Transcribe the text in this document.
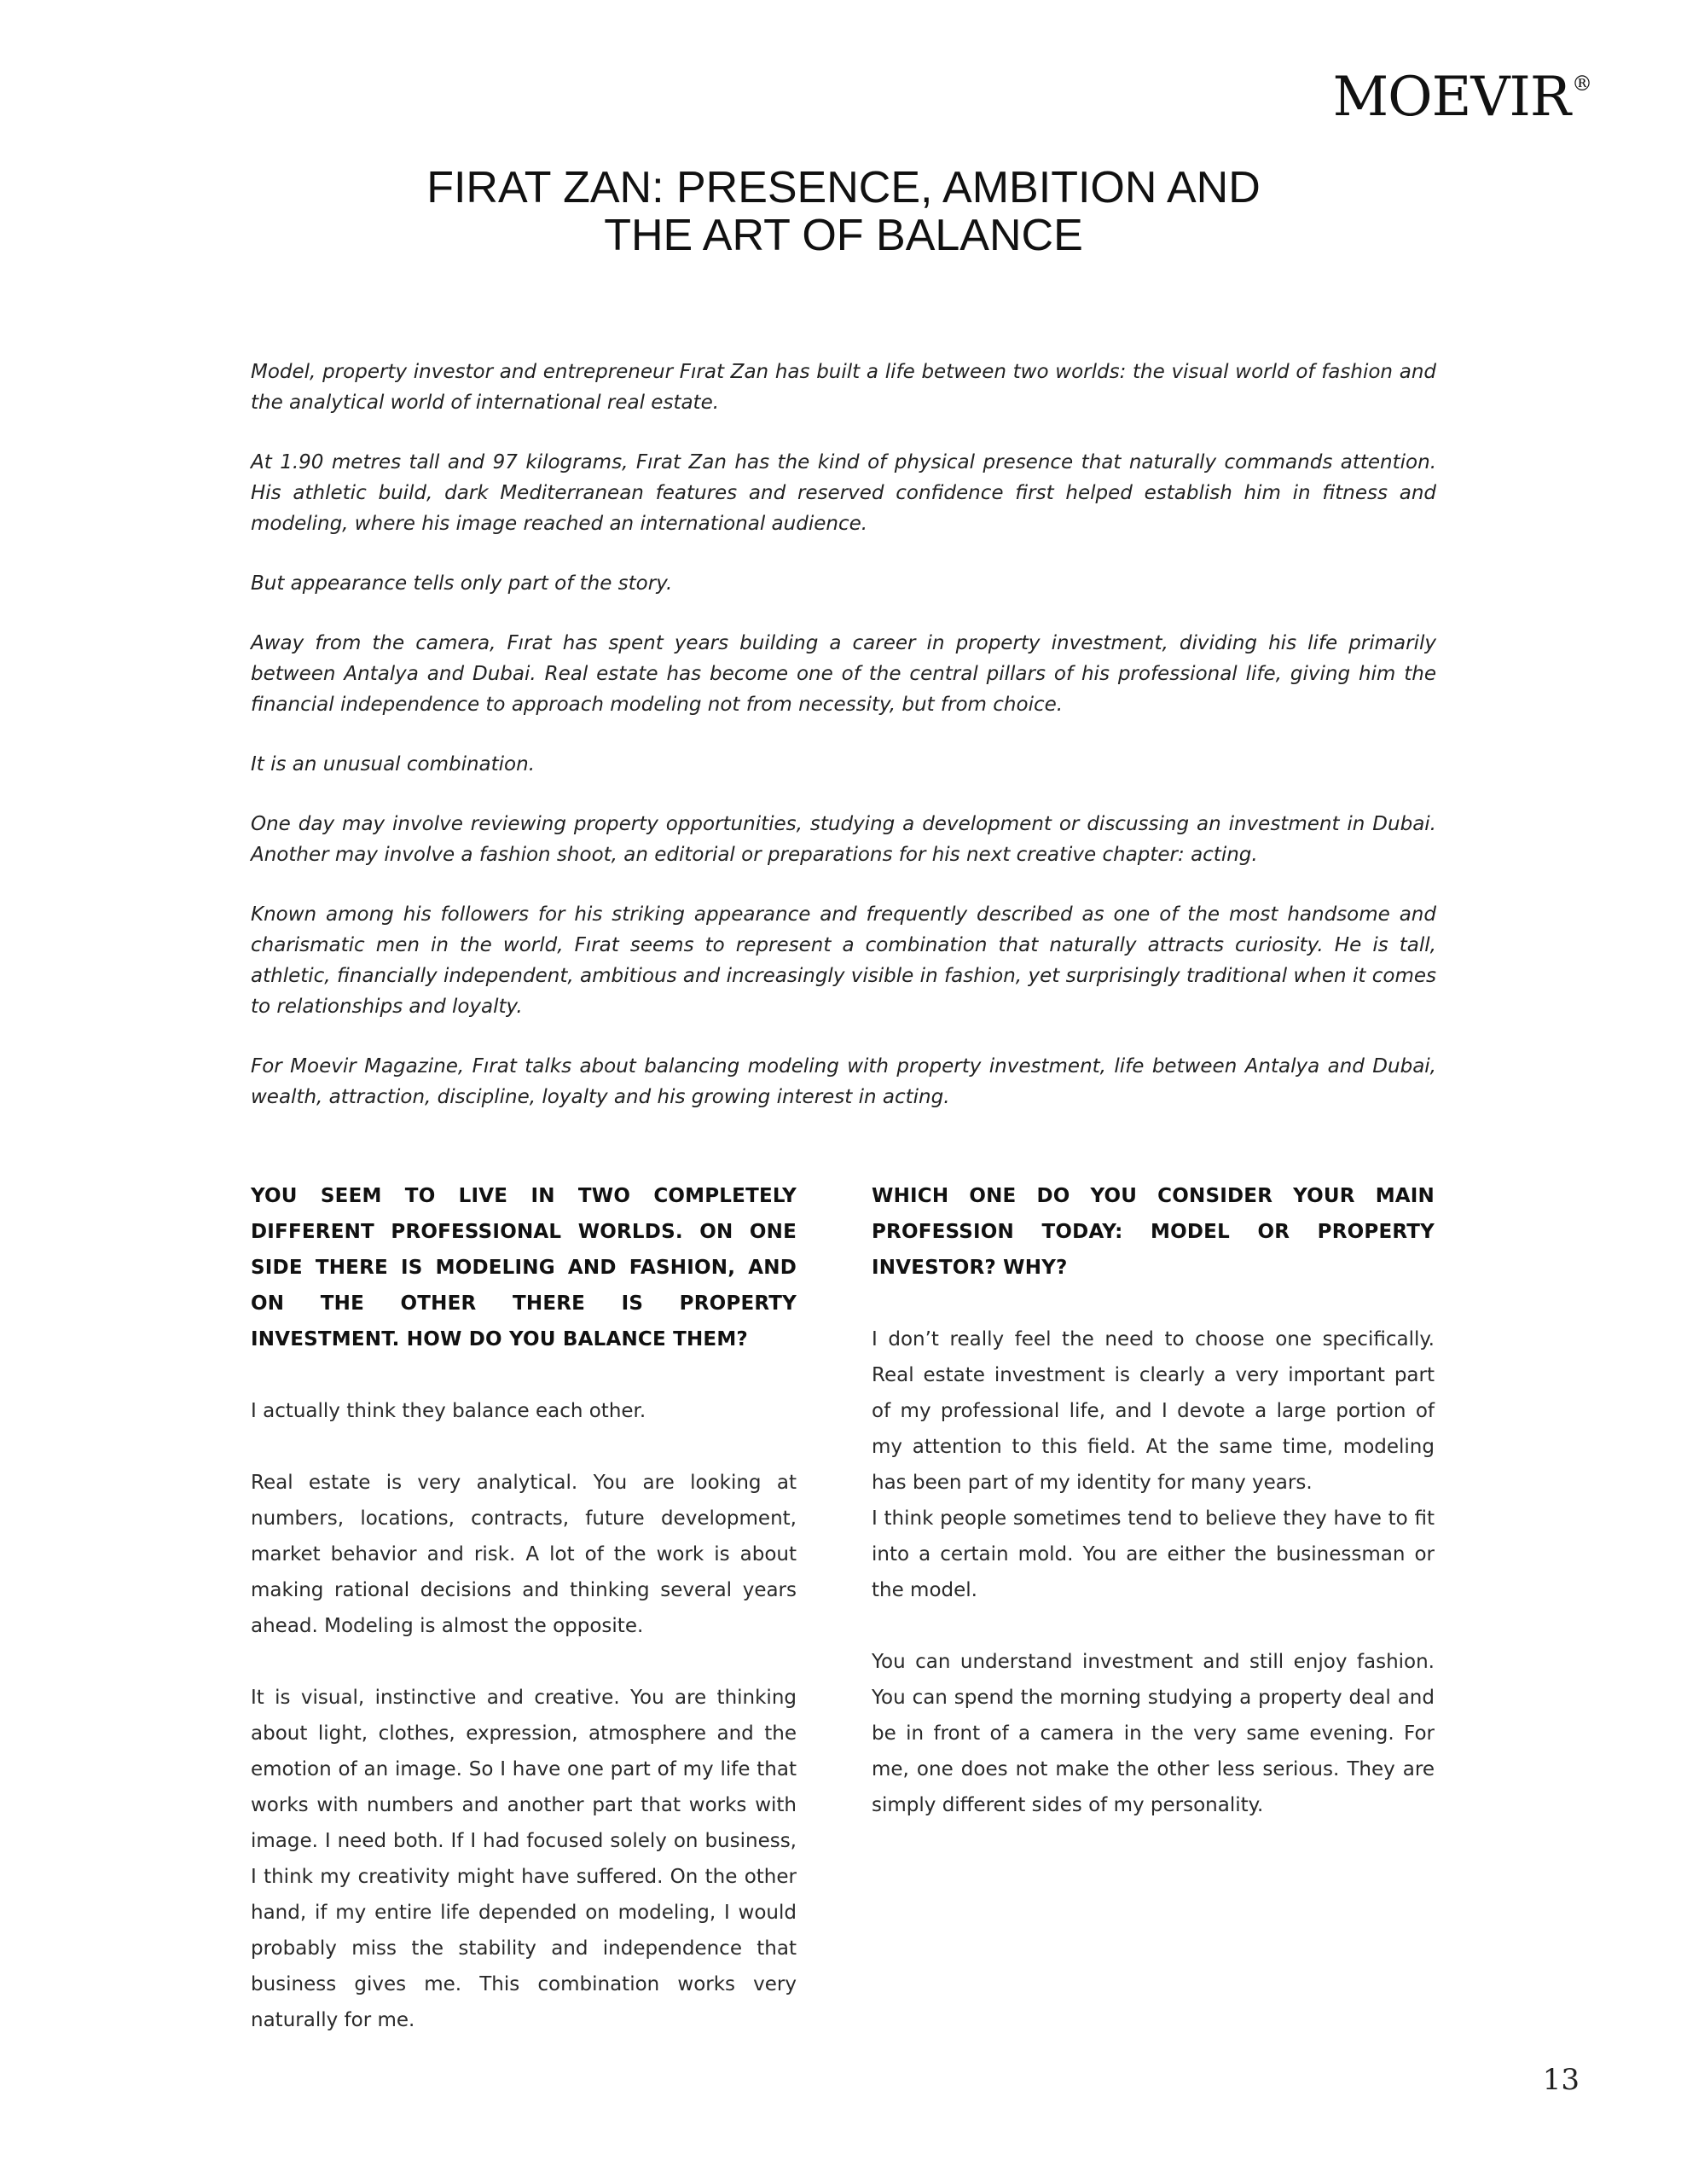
MOEVIR®
FIRAT ZAN: PRESENCE, AMBITION AND
THE ART OF BALANCE

Model, property investor and entrepreneur Fırat Zan has built a life between two worlds: the visual world of fashion and the analytical world of international real estate.

At 1.90 metres tall and 97 kilograms, Fırat Zan has the kind of physical presence that naturally commands attention. His athletic build, dark Mediterranean features and reserved confidence first helped establish him in fitness and modeling, where his image reached an international audience.

But appearance tells only part of the story.

Away from the camera, Fırat has spent years building a career in property investment, dividing his life primarily between Antalya and Dubai. Real estate has become one of the central pillars of his professional life, giving him the financial independence to approach modeling not from necessity, but from choice.

It is an unusual combination.

One day may involve reviewing property opportunities, studying a development or discussing an investment in Dubai. Another may involve a fashion shoot, an editorial or preparations for his next creative chapter: acting.

Known among his followers for his striking appearance and frequently described as one of the most handsome and charismatic men in the world, Fırat seems to represent a combination that naturally attracts curiosity. He is tall, athletic, financially independent, ambitious and increasingly visible in fashion, yet surprisingly traditional when it comes to relationships and loyalty.

For Moevir Magazine, Fırat talks about balancing modeling with property investment, life between Antalya and Dubai, wealth, attraction, discipline, loyalty and his growing interest in acting.

YOU SEEM TO LIVE IN TWO COMPLETELY DIFFERENT PROFESSIONAL WORLDS. ON ONE SIDE THERE IS MODELING AND FASHION, AND ON THE OTHER THERE IS PROPERTY INVESTMENT. HOW DO YOU BALANCE THEM?

I actually think they balance each other.

Real estate is very analytical. You are looking at numbers, locations, contracts, future development, market behavior and risk. A lot of the work is about making rational decisions and thinking several years ahead. Modeling is almost the opposite.

It is visual, instinctive and creative. You are thinking about light, clothes, expression, atmosphere and the emotion of an image. So I have one part of my life that works with numbers and another part that works with image. I need both. If I had focused solely on business, I think my creativity might have suffered. On the other hand, if my entire life depended on modeling, I would probably miss the stability and independence that business gives me. This combination works very naturally for me.

WHICH ONE DO YOU CONSIDER YOUR MAIN PROFESSION TODAY: MODEL OR PROPERTY INVESTOR? WHY?

I don’t really feel the need to choose one specifically. Real estate investment is clearly a very important part of my professional life, and I devote a large portion of my attention to this field. At the same time, modeling has been part of my identity for many years.

I think people sometimes tend to believe they have to fit into a certain mold. You are either the businessman or the model.

You can understand investment and still enjoy fashion. You can spend the morning studying a property deal and be in front of a camera in the very same evening. For me, one does not make the other less serious. They are simply different sides of my personality.

13
